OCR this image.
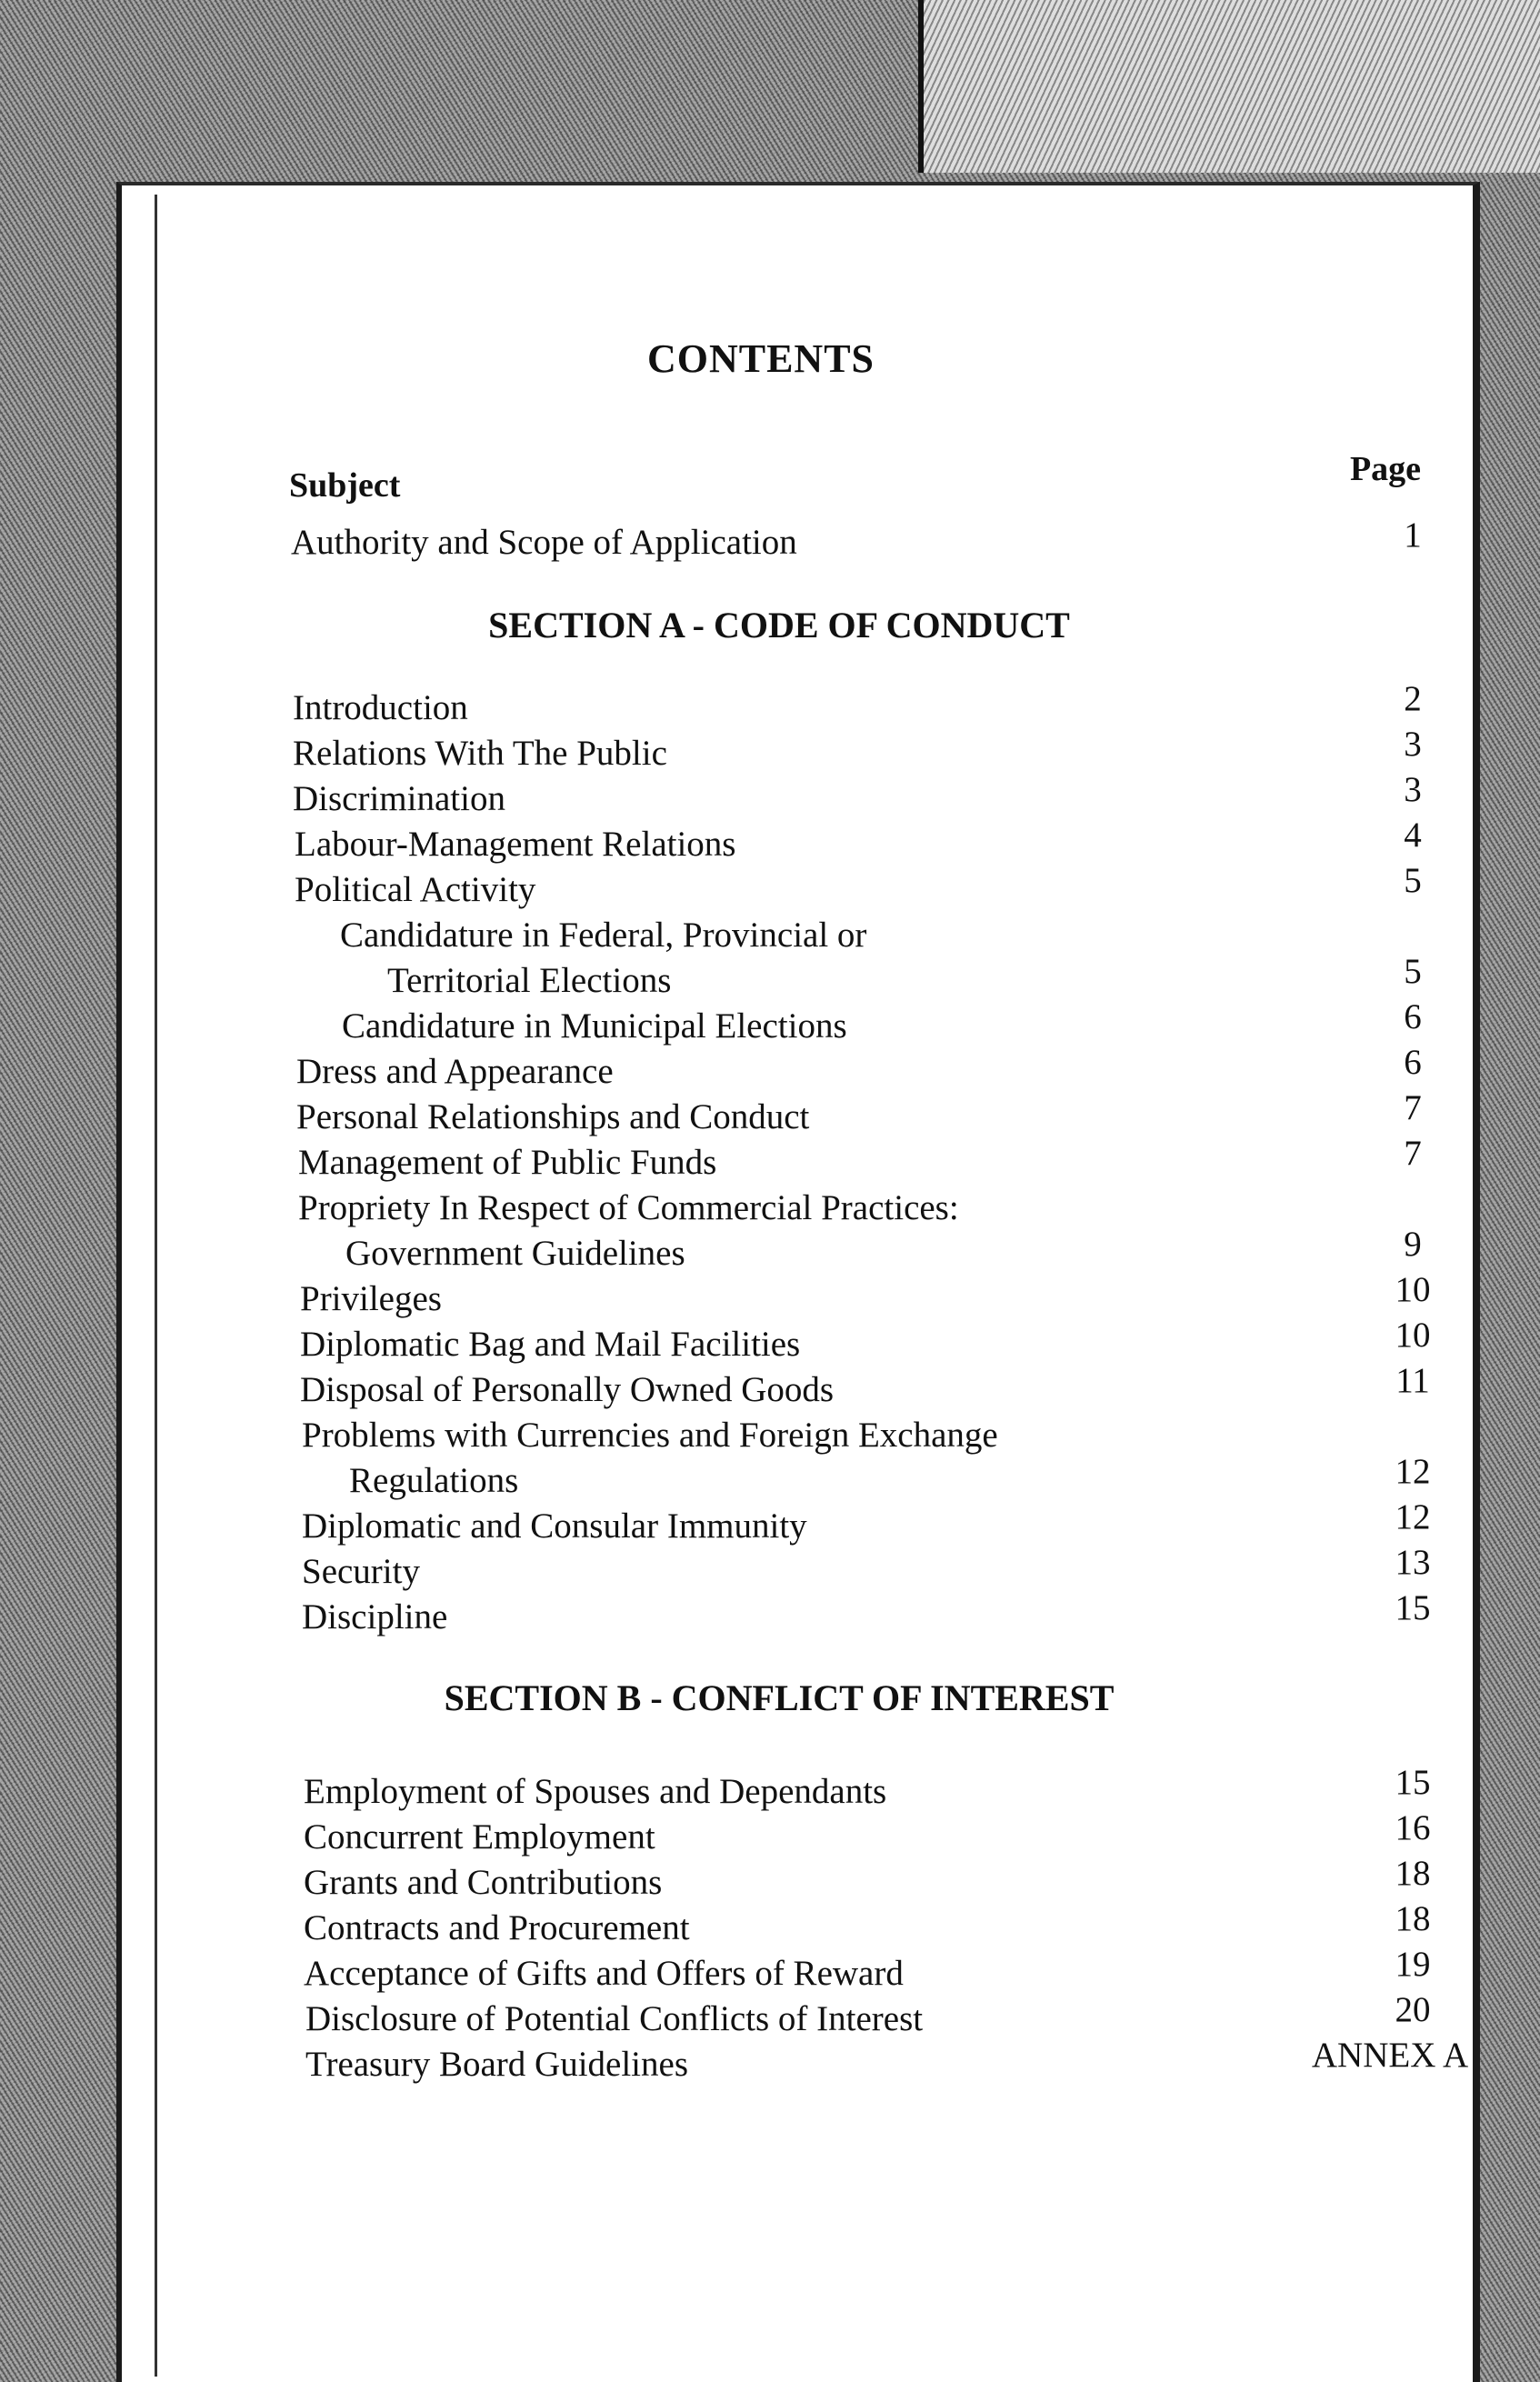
CONTENTS
Subject	Page
Authority and Scope of Application	1
SECTION A - CODE OF CONDUCT
Introduction	2
Relations With The Public	3
Discrimination	3
Labour-Management Relations	4
Political Activity	5
Candidature in Federal, Provincial or
Territorial Elections	5
Candidature in Municipal Elections	6
Dress and Appearance	6
Personal Relationships and Conduct	7
Management of Public Funds	7
Propriety In Respect of Commercial Practices:
Government Guidelines	9
Privileges	10
Diplomatic Bag and Mail Facilities	10
Disposal of Personally Owned Goods	11
Problems with Currencies and Foreign Exchange
Regulations	12
Diplomatic and Consular Immunity	12
Security	13
Discipline	15
SECTION B - CONFLICT OF INTEREST
Employment of Spouses and Dependants	15
Concurrent Employment	16
Grants and Contributions	18
Contracts and Procurement	18
Acceptance of Gifts and Offers of Reward	19
Disclosure of Potential Conflicts of Interest	20
Treasury Board Guidelines	ANNEX A
